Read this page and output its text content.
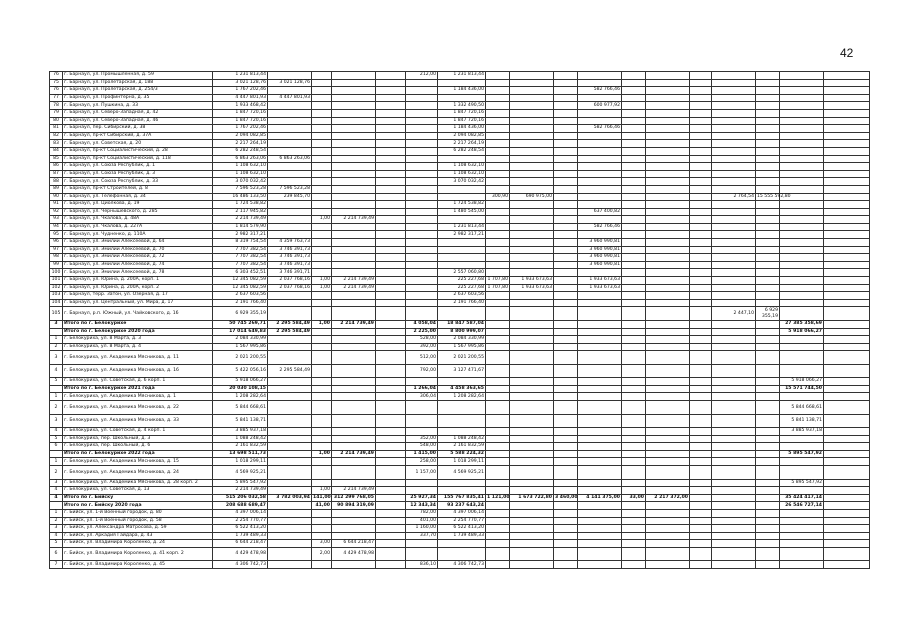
42
76	г. Барнаул, ул. Промышленная, д. 59	1 231 813,44					212,00	1 231 813,44											
75	г. Барнаул, ул. Пролетарская, д. 188	3 021 128,76	3 021 128,76																
76	г. Барнаул, ул. Пролетарская, д. 254/3	1 767 202,46						1 184 436,00				582 766,46							
77	г. Барнаул, ул. Профинтерна, д. 35	4 447 801,93	4 447 801,93																
78	г. Барнаул, ул. Пушкина, д. 33	1 933 468,42						1 332 490,50				600 977,92							
79	г. Барнаул, ул. Северо-Западная, д. 42	1 847 720,16						1 847 720,16											
80	г. Барнаул, ул. Северо-Западная, д. 46	1 847 720,16						1 847 720,16											
81	г. Барнаул, пер. Сибирский, д. 38	1 767 202,46						1 184 436,00				582 766,46							
82	г. Барнаул, пр-кт Сибирский, д. 37А	2 094 082,85						2 094 082,85											
83	г. Барнаул, ул. Советская, д. 20	2 217 264,19						2 217 264,19											
84	г. Барнаул, пр-кт Социалистический, д. 28	6 282 248,54						6 282 248,54											
85	г. Барнаул, пр-кт Социалистический, д. 118	6 863 263,06	6 863 263,06																
86	г. Барнаул, ул. Союза Республик, д. 1	1 108 632,10						1 108 632,10											
87	г. Барнаул, ул. Союза Республик, д. 3	1 108 632,10						1 108 632,10											
88	г. Барнаул, ул. Союза Республик, д. 33	3 070 032,42						3 070 032,42											
89	г. Барнаул, пр-кт Строителей, д. 8	7 596 523,28	7 596 523,28																
90	г. Барнаул, ул. Телефонная, д. 34	16 486 133,50	239 845,70						300,90	690 975,00						2 764,54	15 555 592,80		
91	г. Барнаул, ул. Циолкова, д. 19	1 724 538,82						1 724 538,82											
92	г. Барнаул, ул. Чернышевского, д. 285	2 117 945,82						1 480 545,00				637 400,82							
93	г. Барнаул, ул. Чкалова, д. 48А	2 214 739,49		1,00	2 214 739,49														
94	г. Барнаул, ул. Чкалова, д. 227А	1 814 579,90						1 231 813,44				582 766,46							
95	г. Барнаул, ул. Чудненко, д. 110А	2 982 317,21						2 982 317,21											
96	г. Барнаул, ул. Эмилии Алексеевой, д. 64	8 319 754,54	4 359 763,73									3 960 990,81							
97	г. Барнаул, ул. Эмилии Алексеевой, д. 70	7 707 382,54	3 746 391,73									3 960 990,81							
98	г. Барнаул, ул. Эмилии Алексеевой, д. 72	7 707 382,54	3 746 391,73									3 960 990,81							
99	г. Барнаул, ул. Эмилии Алексеевой, д. 74	7 707 382,54	3 746 391,73									3 960 990,81							
100	г. Барнаул, ул. Эмилии Алексеевой, д. 78	6 303 452,51	3 746 391,71					2 557 060,80											
101	г. Барнаул, ул. Юрина, д. 200А, корп. 1	12 345 082,59	2 037 768,16	1,00	2 214 739,49			225 227,68	1 707,80	1 933 673,63		1 933 673,63							
102	г. Барнаул, ул. Юрина, д. 200А, корп. 2	12 345 082,59	2 037 768,16	1,00	2 214 739,49			225 227,68	1 707,80	1 933 673,63		1 933 673,63							
103	г. Барнаул, терр. Затон, ул. Озерная, д. 17	2 637 603,56						2 637 603,56											
104	г. Барнаул, ул. Центральный, ул. Мира, д. 17	2 191 766,40						2 191 766,40											
105	г. Барнаул, р.п. Южный, ул. Чайковского, д. 16	6 929 355,19														2 447,10	6 929 355,19		
3	Итого по г. Белокурихе	50 745 269,71	2 295 584,49	1,00	2 214 739,49		4 058,04	18 847 587,04										27 385 358,69	
	Итого по г. Белокурихе 2020 года	17 014 649,83	2 295 584,49				2 225,00	8 800 999,07										5 918 066,27	
1	г. Белокуриха, ул. 8 Марта, д. 3	2 084 330,99					528,00	2 084 330,99											
2	г. Белокуриха, ул. 8 Марта, д. 4	1 567 995,86					392,00	1 567 995,86											
3	г. Белокуриха, ул. Академика Мясникова, д. 11	2 021 200,55					512,00	2 021 200,55											
4	г. Белокуриха, ул. Академика Мясникова, д. 16	5 422 056,16	2 295 584,49				792,00	3 127 471,67											
5	г. Белокуриха, ул. Советская, д. 6 корп. 1	5 918 066,27																5 918 066,27	
	Итого по г. Белокурихе 2021 года	20 030 108,15					1 266,04	4 458 363,65										15 571 744,50	
1	г. Белокуриха, ул. Академика Мясникова, д. 1	1 208 282,64					306,04	1 208 282,64											
2	г. Белокуриха, ул. Академика Мясникова, д. 22	5 844 668,61																5 844 668,61	
3	г. Белокуриха, ул. Академика Мясникова, д. 33	5 841 138,71																5 841 138,71	
4	г. Белокуриха, ул. Советская, д. 4 корп. 1	3 885 937,18																3 885 937,18	
5	г. Белокуриха, пер. Школьный, д. 3	1 088 248,42					352,00	1 088 248,42											
6	г. Белокуриха, пер. Школьный, д. 6	2 161 832,59					548,00	2 161 832,59											
	Итого по г. Белокурихе 2022 года	13 698 511,73		1,00	2 214 739,49		1 415,00	5 588 224,32										5 895 547,92	
1	г. Белокуриха, ул. Академика Мясникова, д. 15	1 018 299,11					258,00	1 018 299,11											
2	г. Белокуриха, ул. Академика Мясникова, д. 24	4 569 925,21					1 157,00	4 569 925,21											
3	г. Белокуриха, ул. Академика Мясникова, д. 28 корп. 2	5 895 547,92																5 895 547,92	
4	г. Белокуриха, ул. Советская, д. 13	2 214 739,49		1,00	2 214 739,49														
4	Итого по г. Бийску	515 206 032,58	3 782 003,94	141,00	312 299 768,05		25 927,34	155 767 835,41	1 121,00	1 673 722,80	3 460,00	4 141 375,00	33,00	2 217 372,00				35 424 417,14	
	Итого по г. Бийску 2020 года	208 688 689,47		41,00	90 894 319,09		12 343,34	93 237 643,24										26 546 727,14	
1	г. Бийск, ул. 1-й Военный городок, д. 80	4 397 006,14					782,00	4 397 006,14											
2	г. Бийск, ул. 1-й Военный городок, д. 58	2 254 770,77					401,00	2 254 770,77											
3	г. Бийск, ул. Александра Матросова, д. 59	6 522 413,20					1 160,00	6 522 413,20											
4	г. Бийск, ул. Аркадия Гайдара, д. 43	1 739 489,33					337,70	1 739 489,33											
5	г. Бийск, ул. Владимира Короленко, д. 24	6 644 218,47		3,00	6 644 218,47														
6	г. Бийск, ул. Владимира Короленко, д. 41 корп. 2	4 429 478,98		2,00	4 429 478,98														
7	г. Бийск, ул. Владимира Короленко, д. 45	4 306 742,73					836,10	4 306 742,73											
